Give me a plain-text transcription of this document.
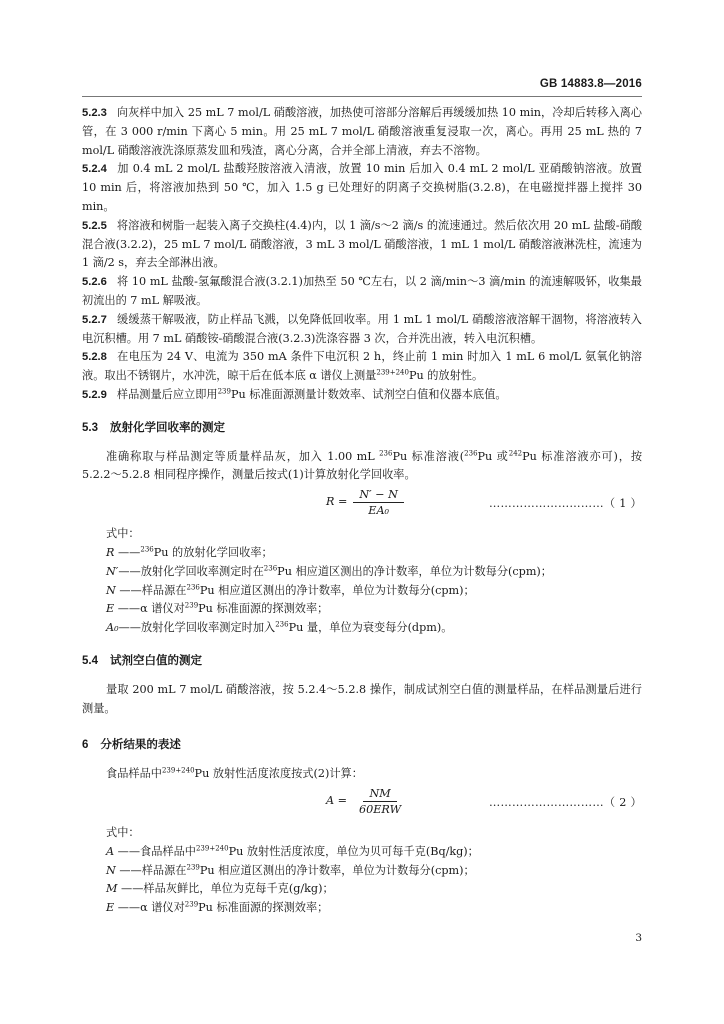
GB 14883.8—2016

5.2.3 向灰样中加入 25 mL 7 mol/L 硝酸溶液，加热使可溶部分溶解后再缓缓加热 10 min，冷却后转移入离心管，在 3 000 r/min 下离心 5 min。用 25 mL 7 mol/L 硝酸溶液重复浸取一次，离心。再用 25 mL 热的 7 mol/L 硝酸溶液洗涤原蒸发皿和残渣，离心分离，合并全部上清液，弃去不溶物。

5.2.4 加 0.4 mL 2 mol/L 盐酸羟胺溶液入清液，放置 10 min 后加入 0.4 mL 2 mol/L 亚硝酸钠溶液。放置 10 min 后，将溶液加热到 50 ℃，加入 1.5 g 已处理好的阴离子交换树脂(3.2.8)，在电磁搅拌器上搅拌 30 min。

5.2.5 将溶液和树脂一起装入离子交换柱(4.4)内，以 1 滴/s～2 滴/s 的流速通过。然后依次用 20 mL 盐酸-硝酸混合液(3.2.2)，25 mL 7 mol/L 硝酸溶液，3 mL 3 mol/L 硝酸溶液，1 mL 1 mol/L 硝酸溶液淋洗柱，流速为 1 滴/2 s，弃去全部淋出液。

5.2.6 将 10 mL 盐酸-氢氟酸混合液(3.2.1)加热至 50 ℃左右，以 2 滴/min～3 滴/min 的流速解吸钚，收集最初流出的 7 mL 解吸液。

5.2.7 缓缓蒸干解吸液，防止样品飞溅，以免降低回收率。用 1 mL 1 mol/L 硝酸溶液溶解干涸物，将溶液转入电沉积槽。用 7 mL 硝酸铵-硝酸混合液(3.2.3)洗涤容器 3 次，合并洗出液，转入电沉积槽。

5.2.8 在电压为 24 V、电流为 350 mA 条件下电沉积 2 h，终止前 1 min 时加入 1 mL 6 mol/L 氨氧化钠溶液。取出不锈钢片，水冲洗，晾干后在低本底 α 谱仪上测量$^{239+240}$Pu 的放射性。

5.2.9 样品测量后应立即用$^{239}$Pu 标准面源测量计数效率、试剂空白值和仪器本底值。

5.3 放射化学回收率的测定

准确称取与样品测定等质量样品灰，加入 1.00 mL $^{236}$Pu 标准溶液($^{236}$Pu 或$^{242}$Pu 标准溶液亦可)，按 5.2.2～5.2.8 相同程序操作，测量后按式(1)计算放射化学回收率。

$R = \frac{N' - N}{\text{EA₀}}$	…………………………（ 1 ）

式中：

R ——$^{236}$Pu 的放射化学回收率；

N′——放射化学回收率测定时在$^{236}$Pu 相应道区测出的净计数率，单位为计数每分(cpm)；

N ——样品源在$^{236}$Pu 相应道区测出的净计数率，单位为计数每分(cpm)；

E ——α 谱仪对$^{239}$Pu 标准面源的探测效率；

A₀——放射化学回收率测定时加入$^{236}$Pu 量，单位为衰变每分(dpm)。

5.4 试剂空白值的测定

量取 200 mL 7 mol/L 硝酸溶液，按 5.2.4～5.2.8 操作，制成试剂空白值的测量样品，在样品测量后进行测量。

6 分析结果的表述

食品样品中$^{239+240}$Pu 放射性活度浓度按式(2)计算：

A =
NM
60ERW
…………………………（ 2 ）

式中：

A ——食品样品中$^{239+240}$Pu 放射性活度浓度，单位为贝可每千克(Bq/kg)；

N ——样品源在$^{239}$Pu 相应道区测出的净计数率，单位为计数每分(cpm)；

M ——样品灰鲜比，单位为克每千克(g/kg)；

E ——α 谱仪对$^{239}$Pu 标准面源的探测效率；

3
